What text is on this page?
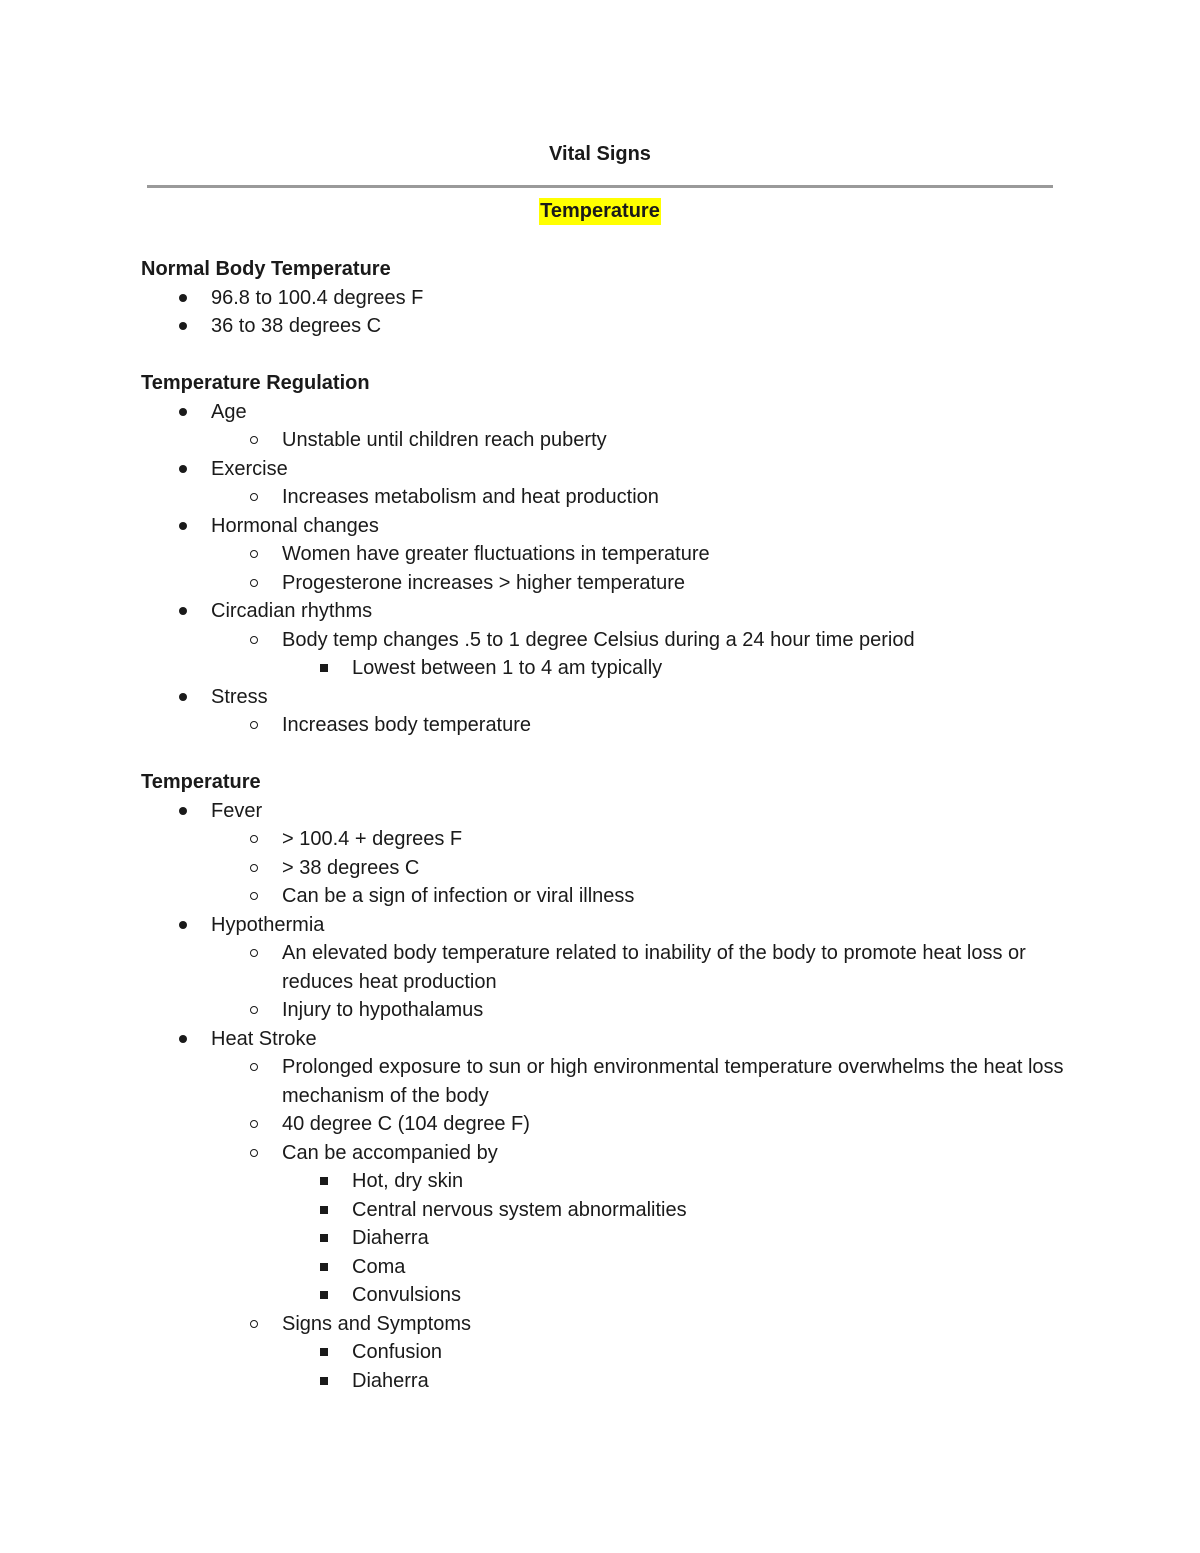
Vital Signs
Temperature
Normal Body Temperature
96.8 to 100.4 degrees F
36 to 38 degrees C
Temperature Regulation
Age
Unstable until children reach puberty
Exercise
Increases metabolism and heat production
Hormonal changes
Women have greater fluctuations in temperature
Progesterone increases > higher temperature
Circadian rhythms
Body temp changes .5 to 1 degree Celsius during a 24 hour time period
Lowest between 1 to 4 am typically
Stress
Increases body temperature
Temperature
Fever
> 100.4 + degrees F
> 38 degrees C
Can be a sign of infection or viral illness
Hypothermia
An elevated body temperature related to inability of the body to promote heat loss or reduces heat production
Injury to hypothalamus
Heat Stroke
Prolonged exposure to sun or high environmental temperature overwhelms the heat loss mechanism of the body
40 degree C (104 degree F)
Can be accompanied by
Hot, dry skin
Central nervous system abnormalities
Diaherra
Coma
Convulsions
Signs and Symptoms
Confusion
Diaherra
